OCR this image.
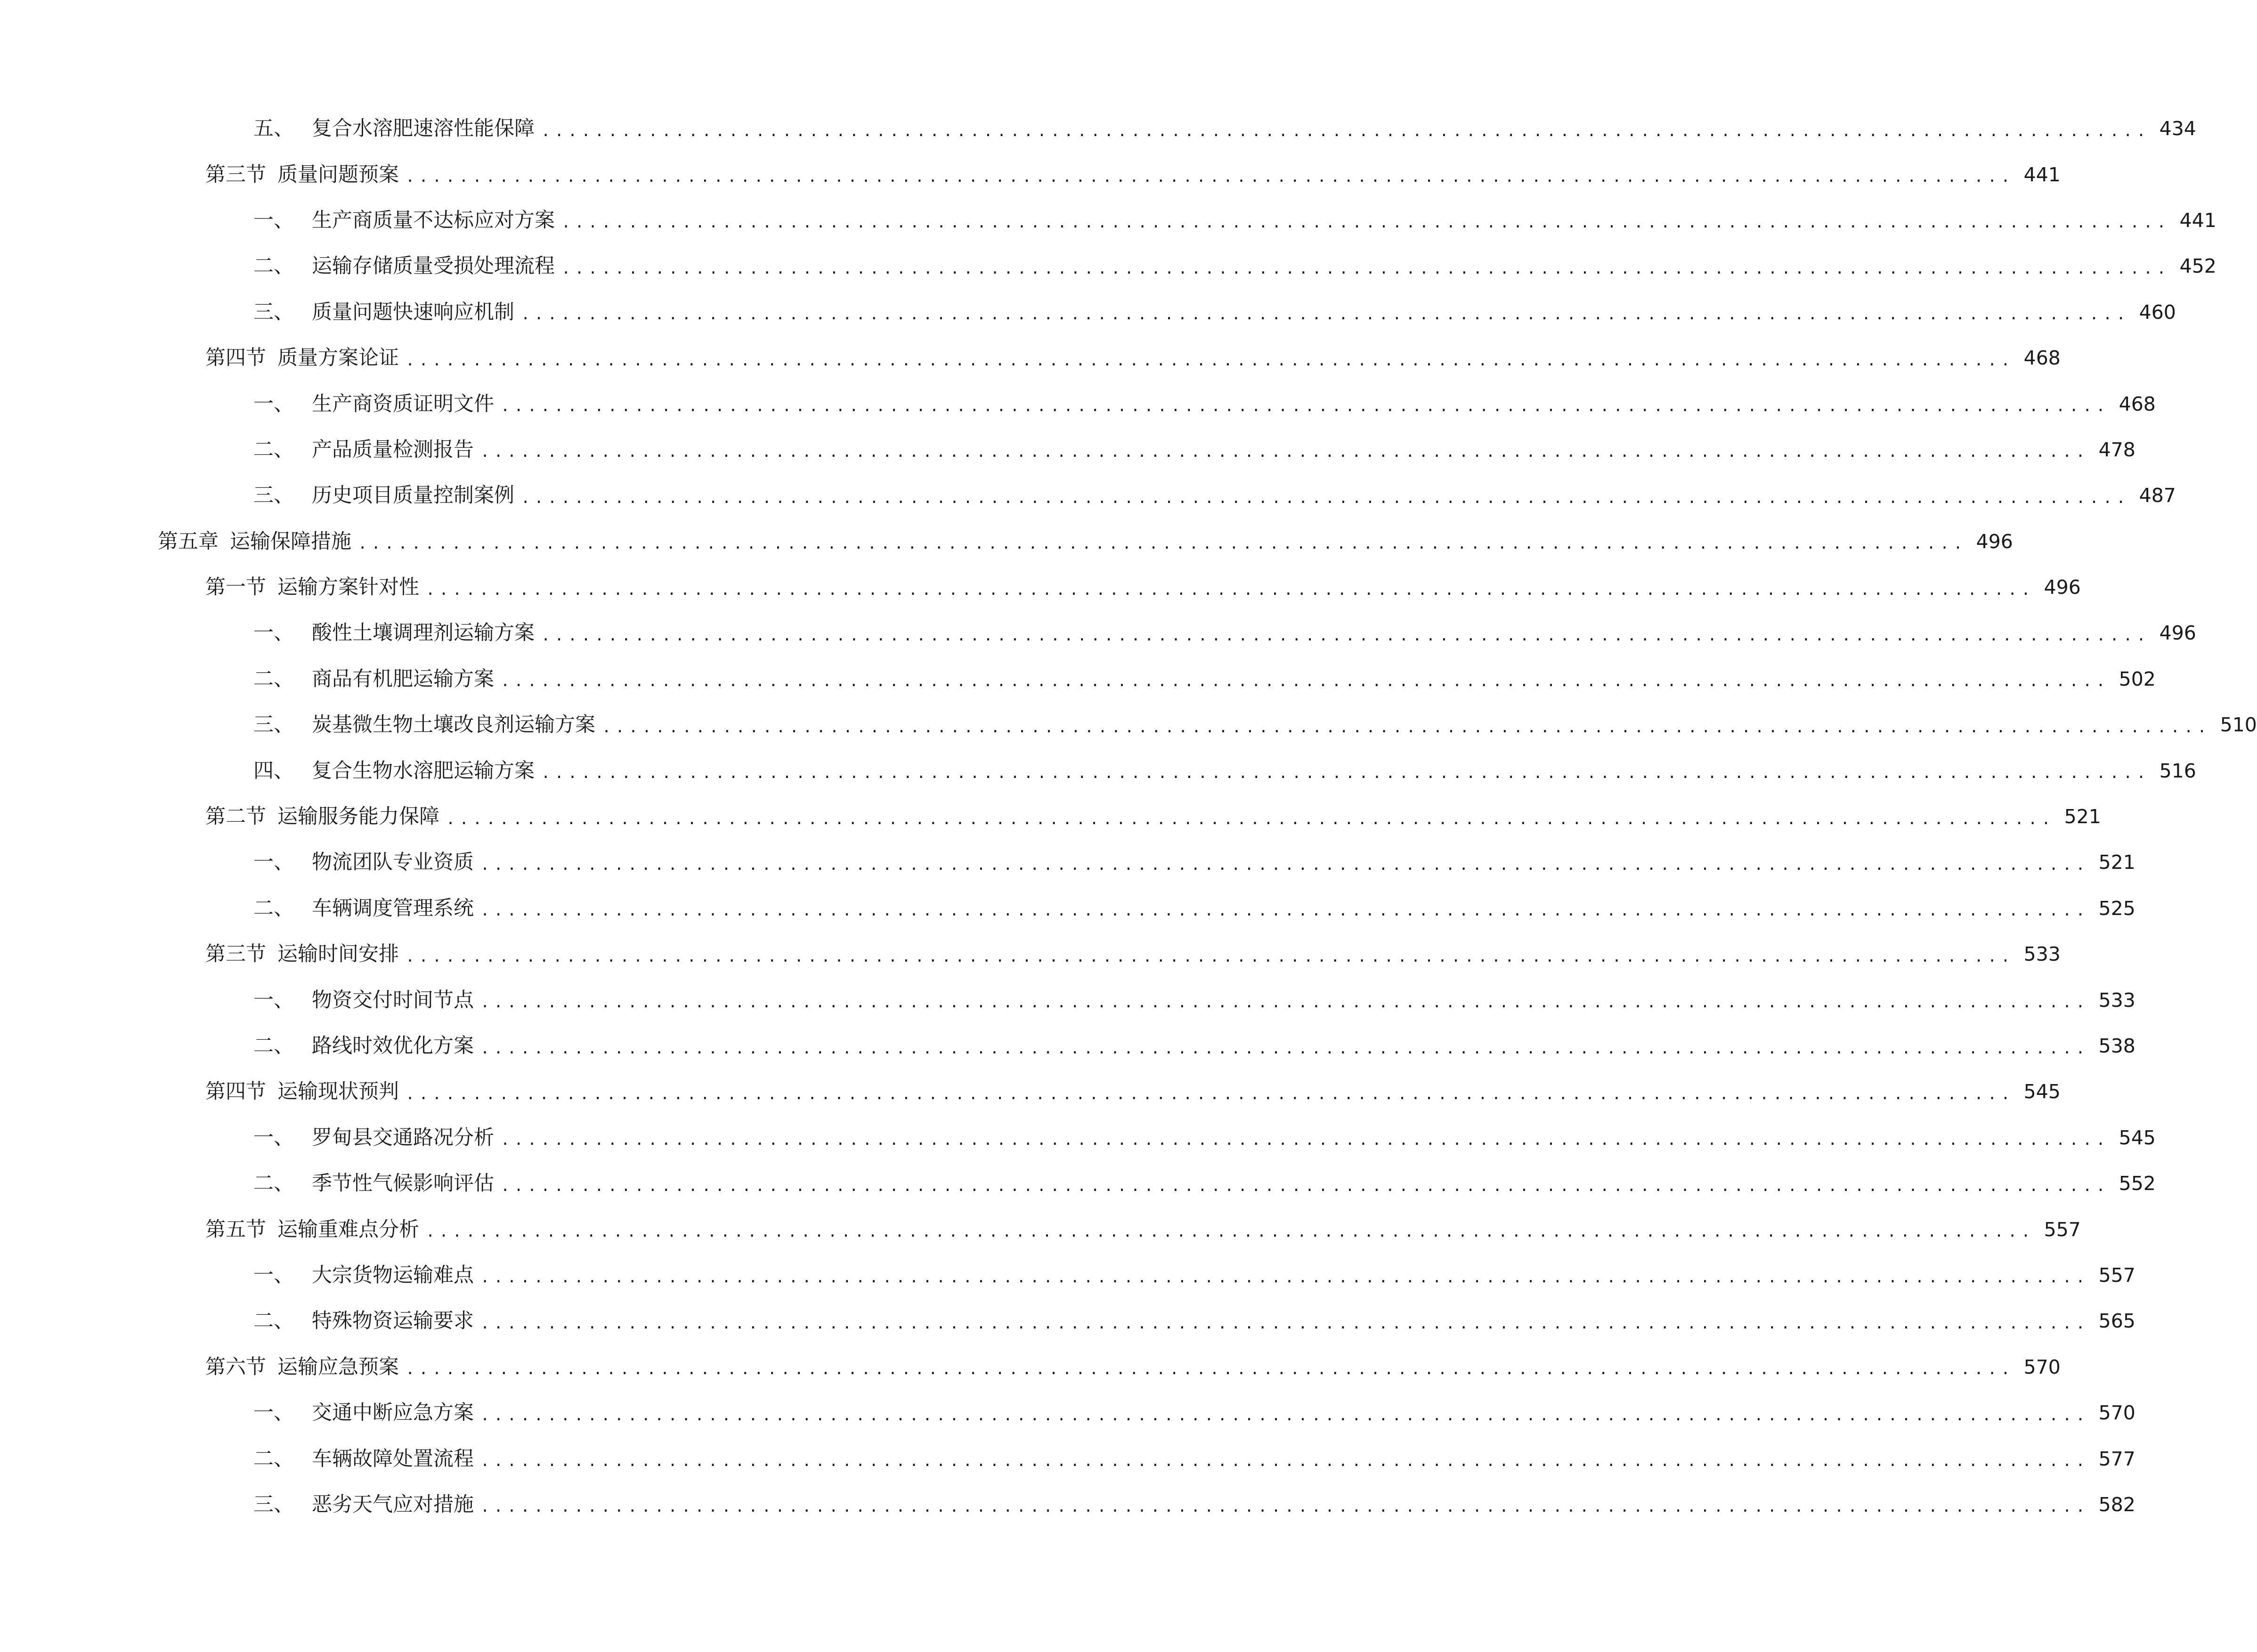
五、 复合水溶肥速溶性能保障 ........................................................................................................................ 434
第三节 质量问题预案 ........................................................................................................................ 441
一、 生产商质量不达标应对方案 ........................................................................................................................ 441
二、 运输存储质量受损处理流程 ........................................................................................................................ 452
三、 质量问题快速响应机制 ........................................................................................................................ 460
第四节 质量方案论证 ........................................................................................................................ 468
一、 生产商资质证明文件 ........................................................................................................................ 468
二、 产品质量检测报告 ........................................................................................................................ 478
三、 历史项目质量控制案例 ........................................................................................................................ 487
第五章 运输保障措施 ........................................................................................................................ 496
第一节 运输方案针对性 ........................................................................................................................ 496
一、 酸性土壤调理剂运输方案 ........................................................................................................................ 496
二、 商品有机肥运输方案 ........................................................................................................................ 502
三、 炭基微生物土壤改良剂运输方案 ........................................................................................................................ 510
四、 复合生物水溶肥运输方案 ........................................................................................................................ 516
第二节 运输服务能力保障 ........................................................................................................................ 521
一、 物流团队专业资质 ........................................................................................................................ 521
二、 车辆调度管理系统 ........................................................................................................................ 525
第三节 运输时间安排 ........................................................................................................................ 533
一、 物资交付时间节点 ........................................................................................................................ 533
二、 路线时效优化方案 ........................................................................................................................ 538
第四节 运输现状预判 ........................................................................................................................ 545
一、 罗甸县交通路况分析 ........................................................................................................................ 545
二、 季节性气候影响评估 ........................................................................................................................ 552
第五节 运输重难点分析 ........................................................................................................................ 557
一、 大宗货物运输难点 ........................................................................................................................ 557
二、 特殊物资运输要求 ........................................................................................................................ 565
第六节 运输应急预案 ........................................................................................................................ 570
一、 交通中断应急方案 ........................................................................................................................ 570
二、 车辆故障处置流程 ........................................................................................................................ 577
三、 恶劣天气应对措施 ........................................................................................................................ 582
